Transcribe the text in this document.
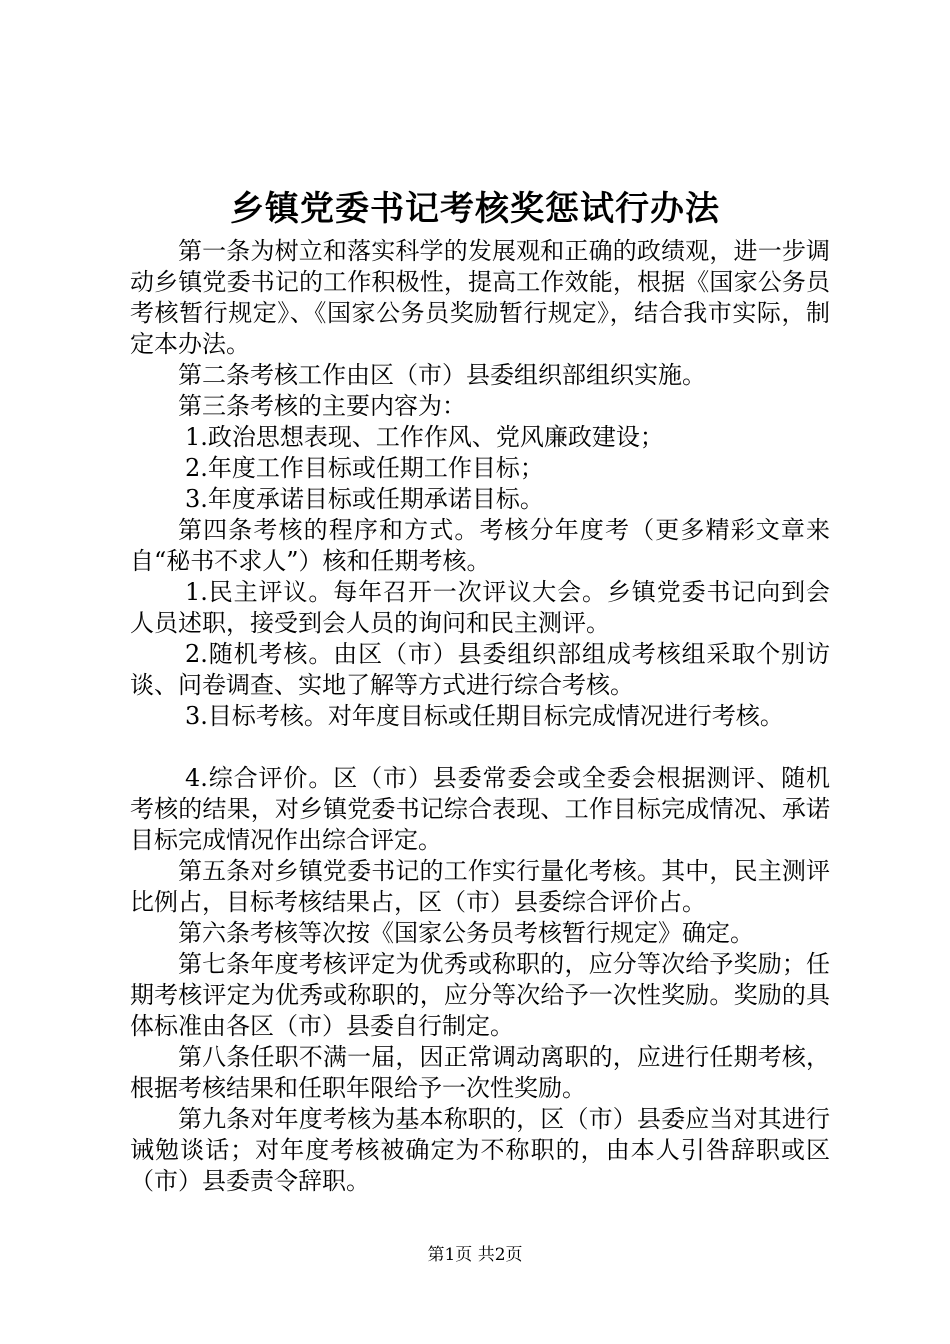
乡镇党委书记考核奖惩试行办法

第一条为树立和落实科学的发展观和正确的政绩观，进一步调动乡镇党委书记的工作积极性，提高工作效能，根据《国家公务员考核暂行规定》、《国家公务员奖励暂行规定》，结合我市实际，制定本办法。

第二条考核工作由区（市）县委组织部组织实施。

第三条考核的主要内容为：

1.政治思想表现、工作作风、党风廉政建设；

2.年度工作目标或任期工作目标；

3.年度承诺目标或任期承诺目标。

第四条考核的程序和方式。考核分年度考（更多精彩文章来自“秘书不求人”）核和任期考核。

1.民主评议。每年召开一次评议大会。乡镇党委书记向到会人员述职，接受到会人员的询问和民主测评。

2.随机考核。由区（市）县委组织部组成考核组采取个别访谈、问卷调查、实地了解等方式进行综合考核。

3.目标考核。对年度目标或任期目标完成情况进行考核。

4.综合评价。区（市）县委常委会或全委会根据测评、随机考核的结果，对乡镇党委书记综合表现、工作目标完成情况、承诺目标完成情况作出综合评定。

第五条对乡镇党委书记的工作实行量化考核。其中，民主测评比例占，目标考核结果占，区（市）县委综合评价占。

第六条考核等次按《国家公务员考核暂行规定》确定。

第七条年度考核评定为优秀或称职的，应分等次给予奖励；任期考核评定为优秀或称职的，应分等次给予一次性奖励。奖励的具体标准由各区（市）县委自行制定。

第八条任职不满一届，因正常调动离职的，应进行任期考核，根据考核结果和任职年限给予一次性奖励。

第九条对年度考核为基本称职的，区（市）县委应当对其进行诫勉谈话；对年度考核被确定为不称职的，由本人引咎辞职或区（市）县委责令辞职。

第1页 共2页
